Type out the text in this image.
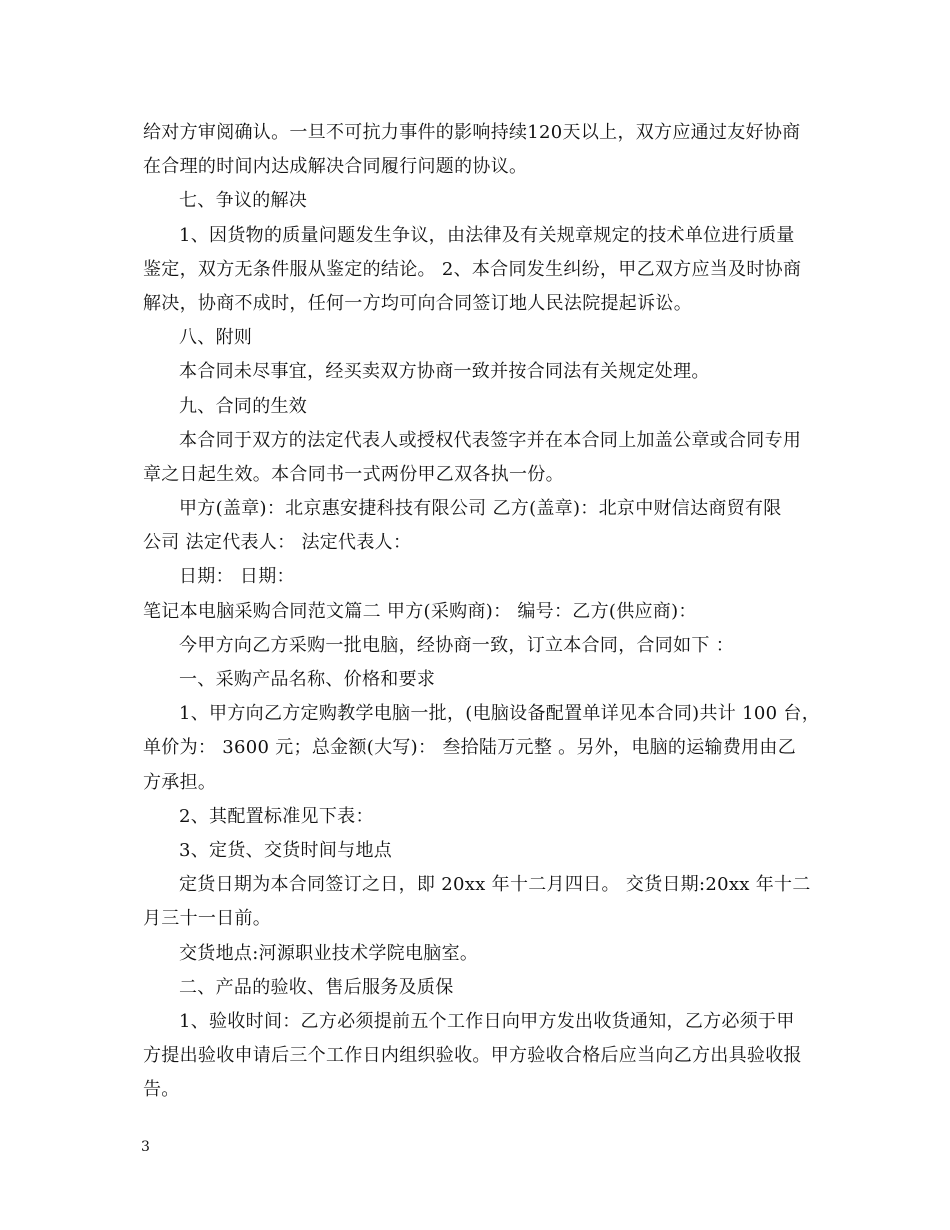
给对方审阅确认。一旦不可抗力事件的影响持续120天以上，双方应通过友好协商
在合理的时间内达成解决合同履行问题的协议。
七、争议的解决
1、因货物的质量问题发生争议，由法律及有关规章规定的技术单位进行质量
鉴定，双方无条件服从鉴定的结论。 2、本合同发生纠纷，甲乙双方应当及时协商
解决，协商不成时，任何一方均可向合同签订地人民法院提起诉讼。
八、附则
本合同未尽事宜，经买卖双方协商一致并按合同法有关规定处理。
九、合同的生效
本合同于双方的法定代表人或授权代表签字并在本合同上加盖公章或合同专用
章之日起生效。本合同书一式两份甲乙双各执一份。
甲方(盖章)：北京惠安捷科技有限公司 乙方(盖章)：北京中财信达商贸有限
公司 法定代表人： 法定代表人：
日期： 日期：
笔记本电脑采购合同范文篇二 甲方(采购商)： 编号：乙方(供应商)：
今甲方向乙方采购一批电脑，经协商一致，订立本合同，合同如下 ：
一、采购产品名称、价格和要求
1、甲方向乙方定购教学电脑一批，(电脑设备配置单详见本合同)共计 100 台，
单价为： 3600 元；总金额(大写)： 叁拾陆万元整 。另外，电脑的运输费用由乙
方承担。
2、其配置标准见下表：
3、定货、交货时间与地点
定货日期为本合同签订之日，即 20xx 年十二月四日。 交货日期:20xx 年十二
月三十一日前。
交货地点:河源职业技术学院电脑室。
二、产品的验收、售后服务及质保
1、验收时间：乙方必须提前五个工作日向甲方发出收货通知，乙方必须于甲
方提出验收申请后三个工作日内组织验收。甲方验收合格后应当向乙方出具验收报
告。
3
